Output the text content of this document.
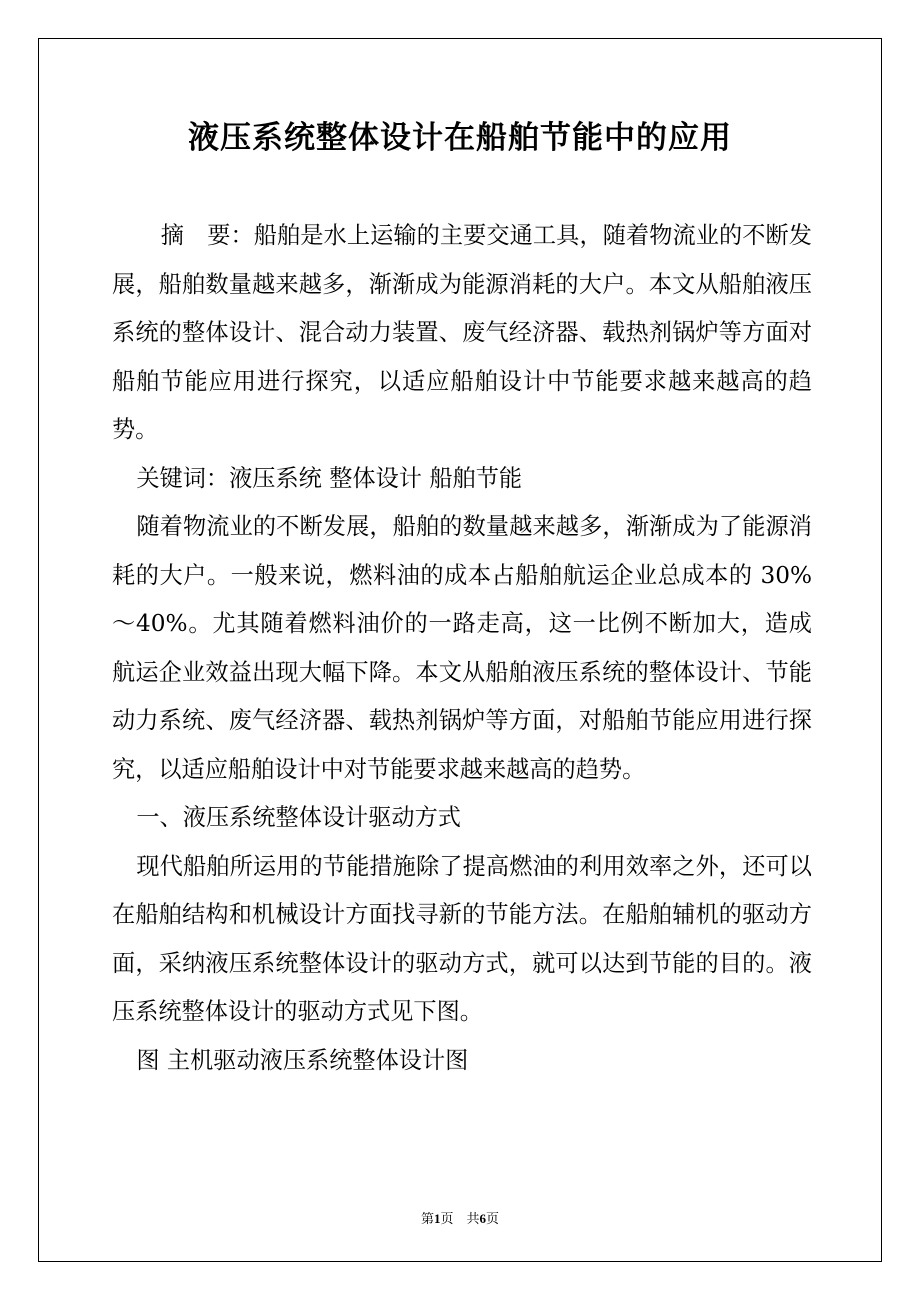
液压系统整体设计在船舶节能中的应用

摘　要：船舶是水上运输的主要交通工具，随着物流业的不断发展，船舶数量越来越多，渐渐成为能源消耗的大户。本文从船舶液压系统的整体设计、混合动力装置、废气经济器、载热剂锅炉等方面对船舶节能应用进行探究，以适应船舶设计中节能要求越来越高的趋势。

关键词：液压系统 整体设计 船舶节能

随着物流业的不断发展，船舶的数量越来越多，渐渐成为了能源消耗的大户。一般来说，燃料油的成本占船舶航运企业总成本的 30%～40%。尤其随着燃料油价的一路走高，这一比例不断加大，造成航运企业效益出现大幅下降。本文从船舶液压系统的整体设计、节能动力系统、废气经济器、载热剂锅炉等方面，对船舶节能应用进行探究，以适应船舶设计中对节能要求越来越高的趋势。

一、液压系统整体设计驱动方式

现代船舶所运用的节能措施除了提高燃油的利用效率之外，还可以在船舶结构和机械设计方面找寻新的节能方法。在船舶辅机的驱动方面，采纳液压系统整体设计的驱动方式，就可以达到节能的目的。液压系统整体设计的驱动方式见下图。

图 主机驱动液压系统整体设计图

第1页　共6页
